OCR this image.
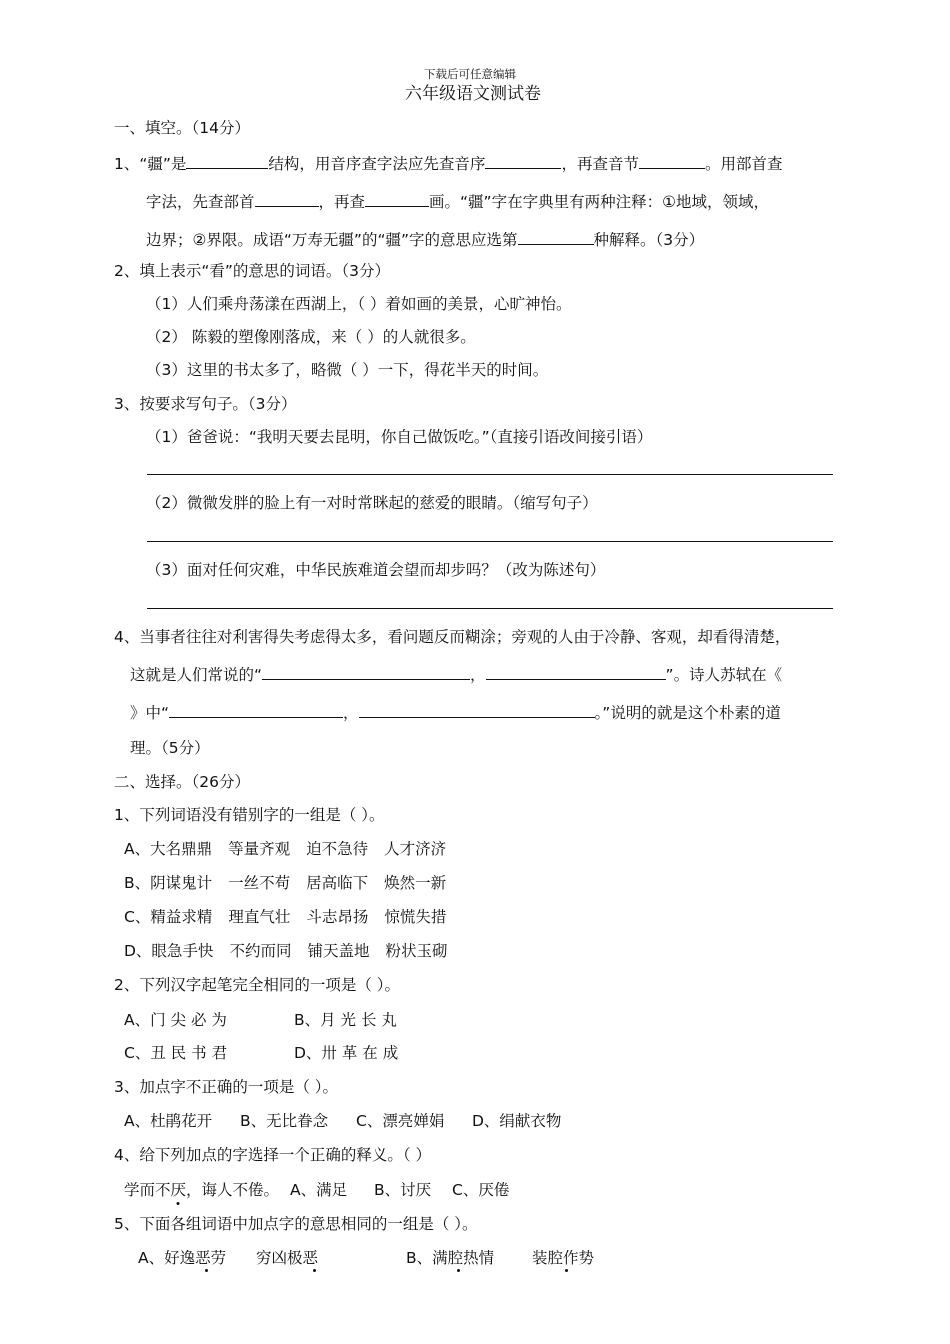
下载后可任意编辑
六年级语文测试卷
一、填空。（14分）
1、“疆”是	结构，用音序查字法应先查音序	，再查音节	。用部首查
字法，先查部首	，再查	画。“疆”字在字典里有两种注释：①地域，领域，
边界；②界限。成语“万寿无疆”的“疆”字的意思应选第	种解释。（3分）
2、填上表示“看”的意思的词语。（3分）
（1）人们乘舟荡漾在西湖上，（ ）着如画的美景，心旷神怡。
（2） 陈毅的塑像刚落成，来（ ）的人就很多。
（3）这里的书太多了，略微（ ）一下，得花半天的时间。
3、按要求写句子。（3分）
（1）爸爸说：“我明天要去昆明，你自己做饭吃。”（直接引语改间接引语）
（2）微微发胖的脸上有一对时常眯起的慈爱的眼睛。（缩写句子）
（3）面对任何灾难，中华民族难道会望而却步吗？（改为陈述句）
4、当事者往往对利害得失考虑得太多，看问题反而糊涂；旁观的人由于冷静、客观，却看得清楚，
这就是人们常说的“	，	”。诗人苏轼在《
》中“	，	。”说明的就是这个朴素的道
理。（5分）
二、选择。（26分）
1、下列词语没有错别字的一组是（ ）。
A、大名鼎鼎 等量齐观 迫不急待 人才济济
B、阴谋鬼计 一丝不苟 居高临下 焕然一新
C、精益求精 理直气壮 斗志昂扬 惊慌失措
D、眼急手快 不约而同 铺天盖地 粉状玉砌
2、下列汉字起笔完全相同的一项是（ ）。
A、门 尖 必 为	B、月 光 长 丸
C、丑 民 书 君	D、卅 革 在 成
3、加点字不正确的一项是（ ）。
A、杜鹃花开 B、无比眷念 C、漂亮婵娟 D、绢献衣物
4、给下列加点的字选择一个正确的释义。（ ）
学而不厌，诲人不倦。 A、满足 B、讨厌 C、厌倦
5、下面各组词语中加点字的意思相同的一组是（ ）。
A、好逸恶劳 穷凶极恶	B、满腔热情 装腔作势
